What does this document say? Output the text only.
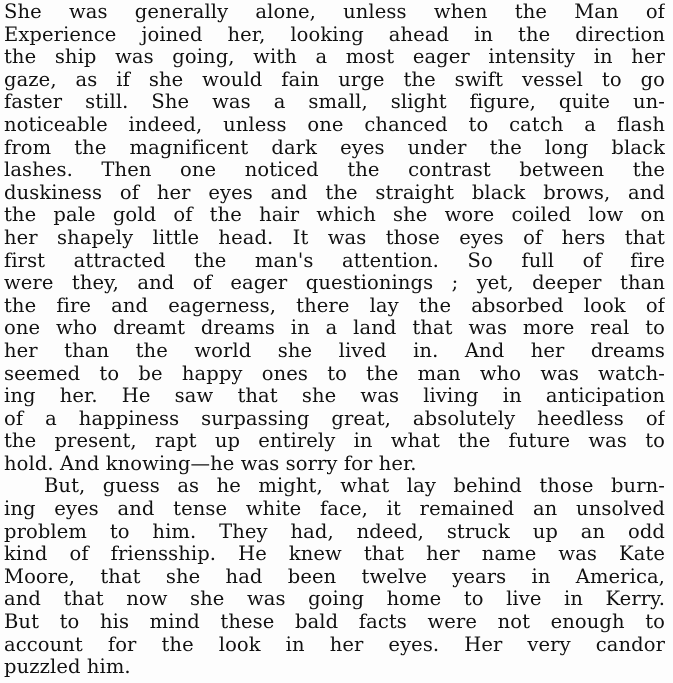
She was generally alone, unless when the Man of
Experience joined her, looking ahead in the direction
the ship was going, with a most eager intensity in her
gaze, as if she would fain urge the swift vessel to go
faster still. She was a small, slight figure, quite un-
noticeable indeed, unless one chanced to catch a flash
from the magnificent dark eyes under the long black
lashes. Then one noticed the contrast between the
duskiness of her eyes and the straight black brows, and
the pale gold of the hair which she wore coiled low on
her shapely little head. It was those eyes of hers that
first attracted the man's attention. So full of fire
were they, and of eager questionings ; yet, deeper than
the fire and eagerness, there lay the absorbed look of
one who dreamt dreams in a land that was more real to
her than the world she lived in. And her dreams
seemed to be happy ones to the man who was watch-
ing her. He saw that she was living in anticipation
of a happiness surpassing great, absolutely heedless of
the present, rapt up entirely in what the future was to
hold. And knowing—he was sorry for her.
But, guess as he might, what lay behind those burn-
ing eyes and tense white face, it remained an unsolved
problem to him. They had, ndeed, struck up an odd
kind of friensship. He knew that her name was Kate
Moore, that she had been twelve years in America,
and that now she was going home to live in Kerry.
But to his mind these bald facts were not enough to
account for the look in her eyes. Her very candor
puzzled him.
